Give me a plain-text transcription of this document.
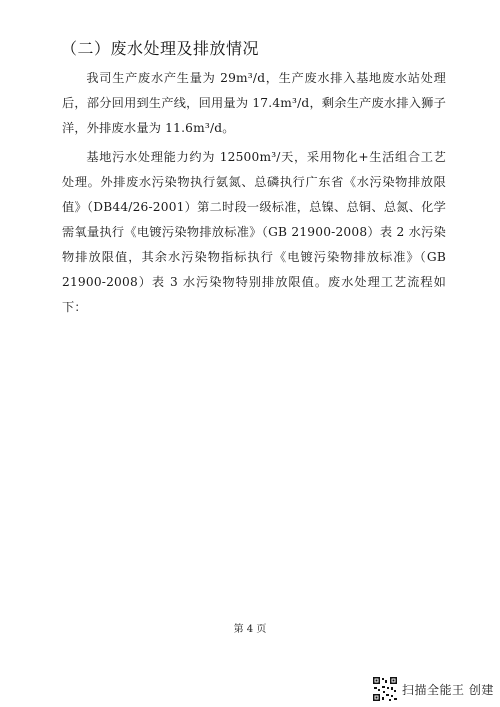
（二）废水处理及排放情况

我司生产废水产生量为 29m³/d，生产废水排入基地废水站处理后，部分回用到生产线，回用量为 17.4m³/d，剩余生产废水排入狮子洋，外排废水量为 11.6m³/d。

基地污水处理能力约为 12500m³/天，采用物化+生活组合工艺处理。外排废水污染物执行氨氮、总磷执行广东省《水污染物排放限值》（DB44/26-2001）第二时段一级标准，总镍、总铜、总氮、化学需氧量执行《电镀污染物排放标准》（GB 21900-2008）表 2 水污染物排放限值，其余水污染物指标执行《电镀污染物排放标准》（GB 21900-2008）表 3 水污染物特别排放限值。废水处理工艺流程如下：

第 4 页
扫描全能王 创建
